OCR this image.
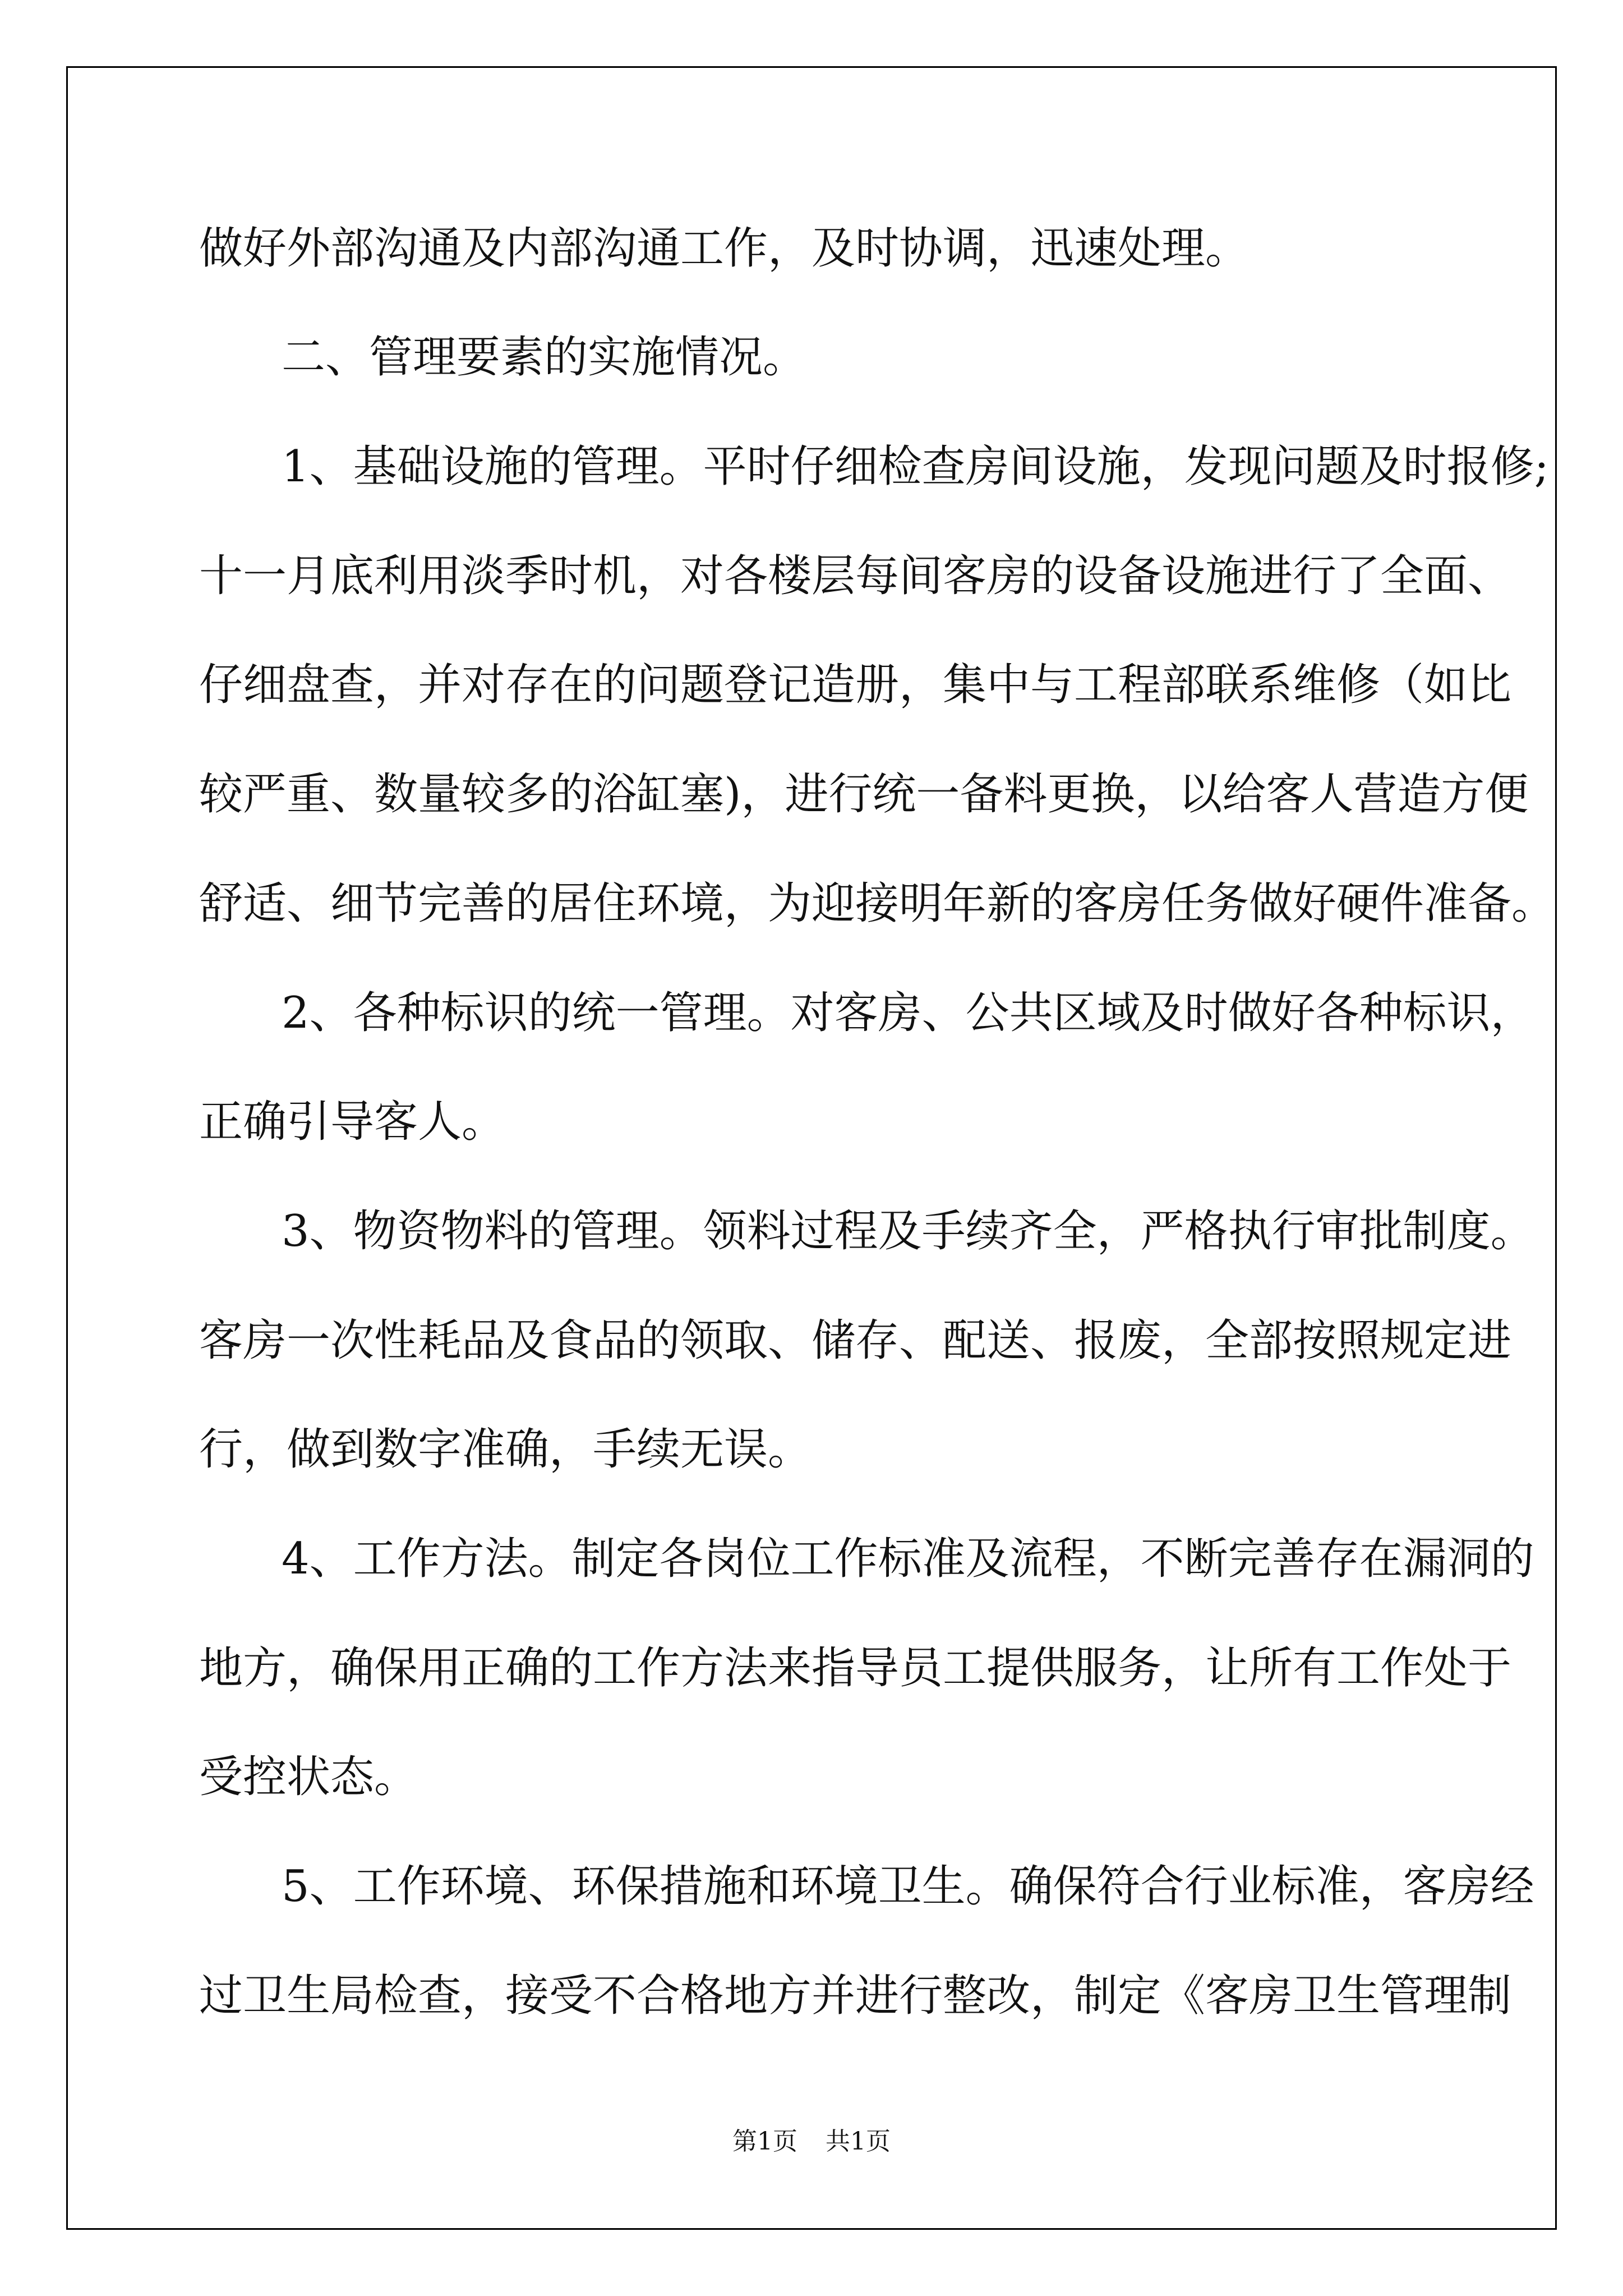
做好外部沟通及内部沟通工作，及时协调，迅速处理。
二、管理要素的实施情况。
1、基础设施的管理。平时仔细检查房间设施，发现问题及时报修;
十一月底利用淡季时机，对各楼层每间客房的设备设施进行了全面、
仔细盘查，并对存在的问题登记造册，集中与工程部联系维修（如比
较严重、数量较多的浴缸塞)，进行统一备料更换，以给客人营造方便
舒适、细节完善的居住环境，为迎接明年新的客房任务做好硬件准备。
2、各种标识的统一管理。对客房、公共区域及时做好各种标识，
正确引导客人。
3、物资物料的管理。领料过程及手续齐全，严格执行审批制度。
客房一次性耗品及食品的领取、储存、配送、报废，全部按照规定进
行，做到数字准确，手续无误。
4、工作方法。制定各岗位工作标准及流程，不断完善存在漏洞的
地方，确保用正确的工作方法来指导员工提供服务，让所有工作处于
受控状态。
5、工作环境、环保措施和环境卫生。确保符合行业标准，客房经
过卫生局检查，接受不合格地方并进行整改，制定《客房卫生管理制
第1页 共1页
